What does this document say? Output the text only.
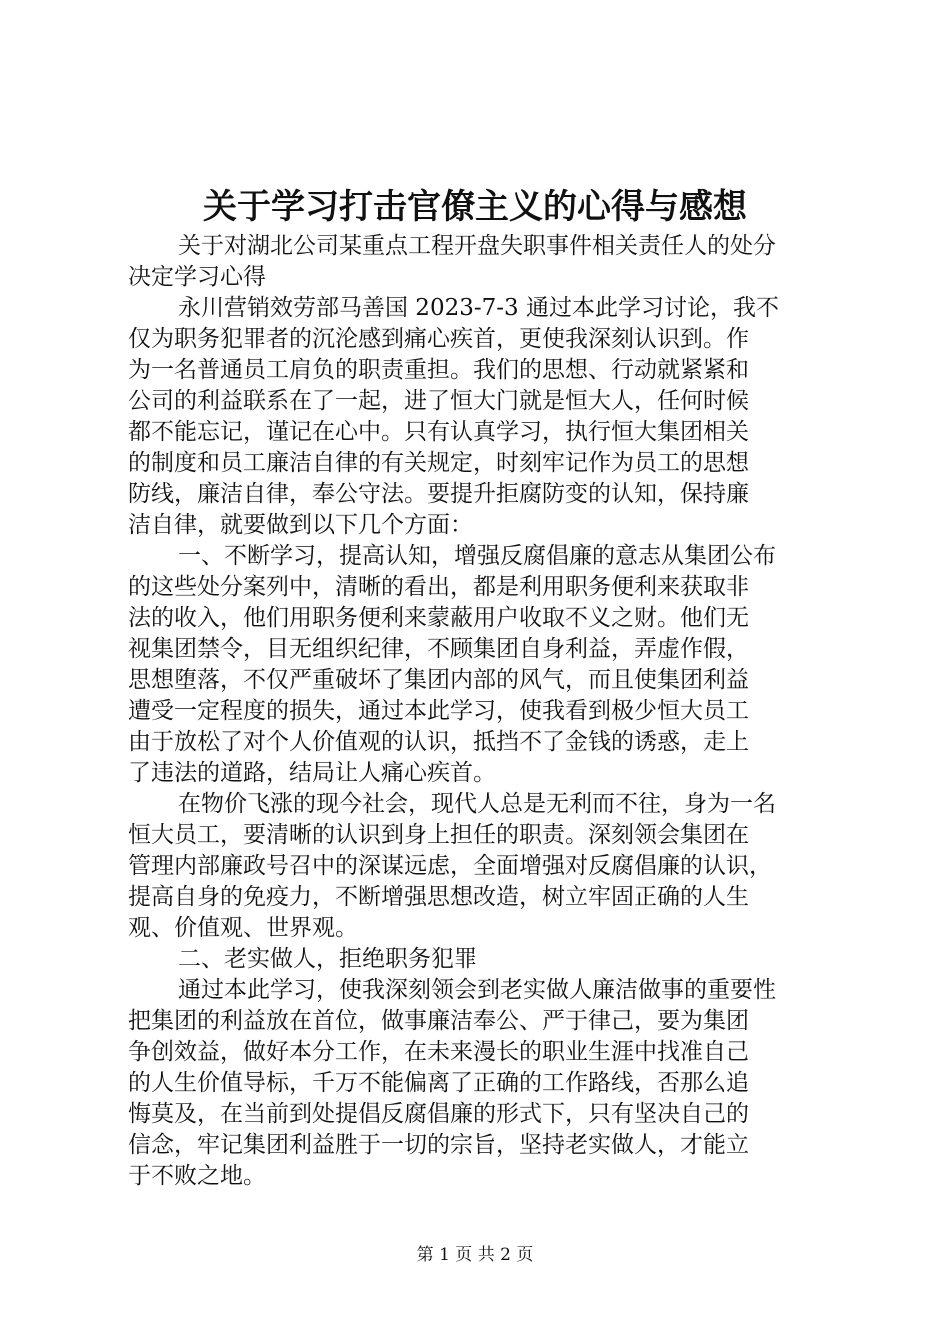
关于学习打击官僚主义的心得与感想
关于对湖北公司某重点工程开盘失职事件相关责任人的处分
决定学习心得
永川营销效劳部马善国 2023-7-3 通过本此学习讨论，我不
仅为职务犯罪者的沉沦感到痛心疾首，更使我深刻认识到。作
为一名普通员工肩负的职责重担。我们的思想、行动就紧紧和
公司的利益联系在了一起，进了恒大门就是恒大人，任何时候
都不能忘记，谨记在心中。只有认真学习，执行恒大集团相关
的制度和员工廉洁自律的有关规定，时刻牢记作为员工的思想
防线，廉洁自律，奉公守法。要提升拒腐防变的认知，保持廉
洁自律，就要做到以下几个方面：
一、不断学习，提高认知，增强反腐倡廉的意志从集团公布
的这些处分案列中，清晰的看出，都是利用职务便利来获取非
法的收入，他们用职务便利来蒙蔽用户收取不义之财。他们无
视集团禁令，目无组织纪律，不顾集团自身利益，弄虚作假，
思想堕落，不仅严重破坏了集团内部的风气，而且使集团利益
遭受一定程度的损失，通过本此学习，使我看到极少恒大员工
由于放松了对个人价值观的认识，抵挡不了金钱的诱惑，走上
了违法的道路，结局让人痛心疾首。
在物价飞涨的现今社会，现代人总是无利而不往，身为一名
恒大员工，要清晰的认识到身上担任的职责。深刻领会集团在
管理内部廉政号召中的深谋远虑，全面增强对反腐倡廉的认识，
提高自身的免疫力，不断增强思想改造，树立牢固正确的人生
观、价值观、世界观。
二、老实做人，拒绝职务犯罪
通过本此学习，使我深刻领会到老实做人廉洁做事的重要性
把集团的利益放在首位，做事廉洁奉公、严于律己，要为集团
争创效益，做好本分工作，在未来漫长的职业生涯中找准自己
的人生价值导标，千万不能偏离了正确的工作路线，否那么追
悔莫及，在当前到处提倡反腐倡廉的形式下，只有坚决自己的
信念，牢记集团利益胜于一切的宗旨，坚持老实做人，才能立
于不败之地。
第 1 页 共 2 页
